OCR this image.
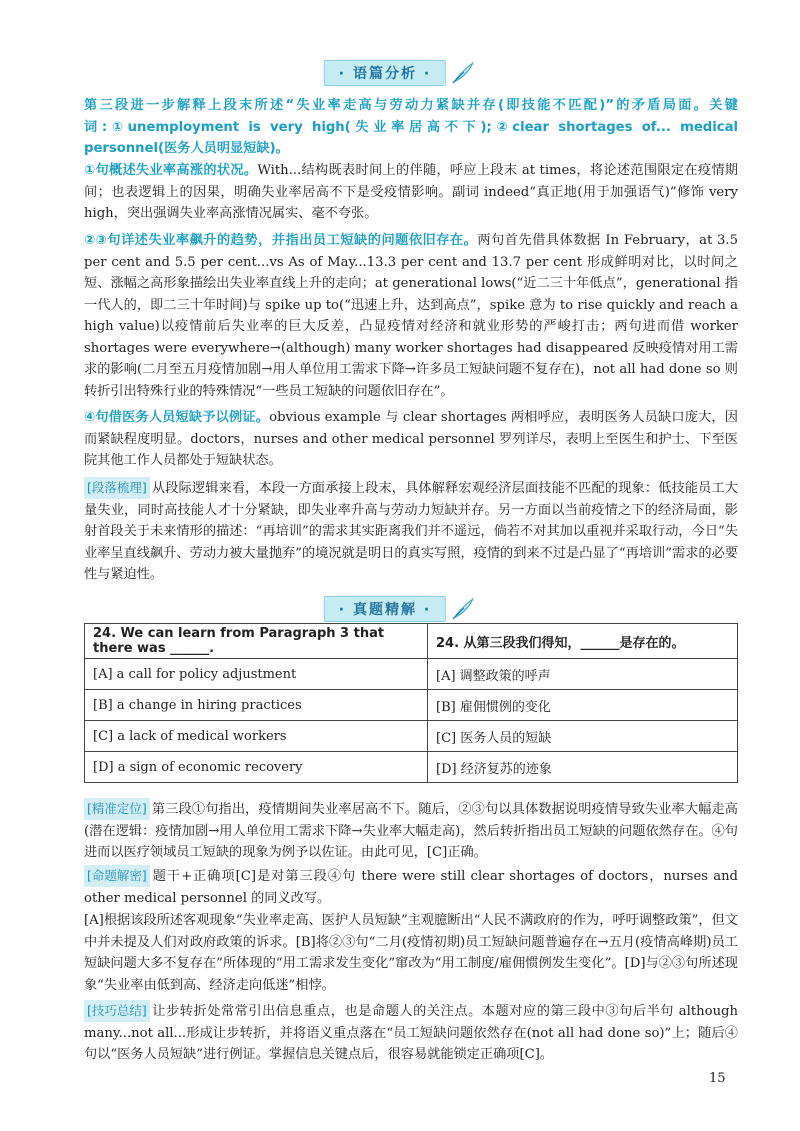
· 语篇分析 ·

第三段进一步解释上段末所述“失业率走高与劳动力紧缺并存(即技能不匹配)”的矛盾局面。关键词:①unemployment is very high(失业率居高不下);②clear shortages of... medical personnel(医务人员明显短缺)。

①句概述失业率高涨的状况。With...结构既表时间上的伴随，呼应上段末 at times，将论述范围限定在疫情期间；也表逻辑上的因果，明确失业率居高不下是受疫情影响。副词 indeed“真正地(用于加强语气)”修饰 very high，突出强调失业率高涨情况属实、毫不夸张。

②③句详述失业率飙升的趋势，并指出员工短缺的问题依旧存在。两句首先借具体数据 In February，at 3.5 per cent and 5.5 per cent...vs As of May...13.3 per cent and 13.7 per cent 形成鲜明对比，以时间之短、涨幅之高形象描绘出失业率直线上升的走向；at generational lows(“近二三十年低点”，generational 指一代人的，即二三十年时间)与 spike up to(“迅速上升，达到高点”，spike 意为 to rise quickly and reach a high value)以疫情前后失业率的巨大反差，凸显疫情对经济和就业形势的严峻打击；两句进而借 worker shortages were everywhere→(although) many worker shortages had disappeared 反映疫情对用工需求的影响(二月至五月疫情加剧→用人单位用工需求下降→许多员工短缺问题不复存在)，not all had done so 则转折引出特殊行业的特殊情况“一些员工短缺的问题依旧存在”。

④句借医务人员短缺予以例证。obvious example 与 clear shortages 两相呼应，表明医务人员缺口庞大，因而紧缺程度明显。doctors，nurses and other medical personnel 罗列详尽，表明上至医生和护士、下至医院其他工作人员都处于短缺状态。

[段落梳理] 从段际逻辑来看，本段一方面承接上段末，具体解释宏观经济层面技能不匹配的现象：低技能员工大量失业，同时高技能人才十分紧缺，即失业率升高与劳动力短缺并存。另一方面以当前疫情之下的经济局面，影射首段关于未来情形的描述：“再培训”的需求其实距离我们并不遥远，倘若不对其加以重视并采取行动，今日“失业率呈直线飙升、劳动力被大量抛弃”的境况就是明日的真实写照，疫情的到来不过是凸显了“再培训”需求的必要性与紧迫性。

· 真题精解 ·
24. We can learn from Paragraph 3 that there was ______.	24. 从第三段我们得知，______是存在的。
[A] a call for policy adjustment	[A] 调整政策的呼声
[B] a change in hiring practices	[B] 雇佣惯例的变化
[C] a lack of medical workers	[C] 医务人员的短缺
[D] a sign of economic recovery	[D] 经济复苏的迹象

[精准定位] 第三段①句指出，疫情期间失业率居高不下。随后，②③句以具体数据说明疫情导致失业率大幅走高(潜在逻辑：疫情加剧→用人单位用工需求下降→失业率大幅走高)，然后转折指出员工短缺的问题依然存在。④句进而以医疗领域员工短缺的现象为例予以佐证。由此可见，[C]正确。

[命题解密] 题干+正确项[C]是对第三段④句 there were still clear shortages of doctors，nurses and other medical personnel 的同义改写。

[A]根据该段所述客观现象“失业率走高、医护人员短缺”主观臆断出“人民不满政府的作为，呼吁调整政策”，但文中并未提及人们对政府政策的诉求。[B]将②③句“二月(疫情初期)员工短缺问题普遍存在→五月(疫情高峰期)员工短缺问题大多不复存在”所体现的“用工需求发生变化”窜改为“用工制度/雇佣惯例发生变化”。[D]与②③句所述现象“失业率由低到高、经济走向低迷”相悖。

[技巧总结] 让步转折处常常引出信息重点，也是命题人的关注点。本题对应的第三段中③句后半句 although many...not all...形成让步转折，并将语义重点落在“员工短缺问题依然存在(not all had done so)”上；随后④句以“医务人员短缺”进行例证。掌握信息关键点后，很容易就能锁定正确项[C]。

15
